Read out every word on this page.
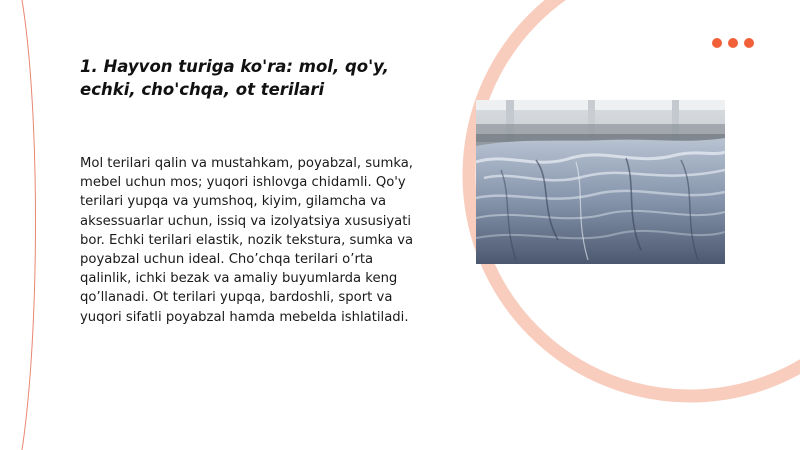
1. Hayvon turiga ko'ra: mol, qo'y, echki, cho'chqa, ot terilari

Mol terilari qalin va mustahkam, poyabzal, sumka, mebel uchun mos; yuqori ishlovga chidamli. Qo'y terilari yupqa va yumshoq, kiyim, gilamcha va aksessuarlar uchun, issiq va izolyatsiya xususiyati bor. Echki terilari elastik, nozik tekstura, sumka va poyabzal uchun ideal. Cho’chqa terilari o’rta qalinlik, ichki bezak va amaliy buyumlarda keng qo’llanadi. Ot terilari yupqa, bardoshli, sport va yuqori sifatli poyabzal hamda mebelda ishlatiladi.
